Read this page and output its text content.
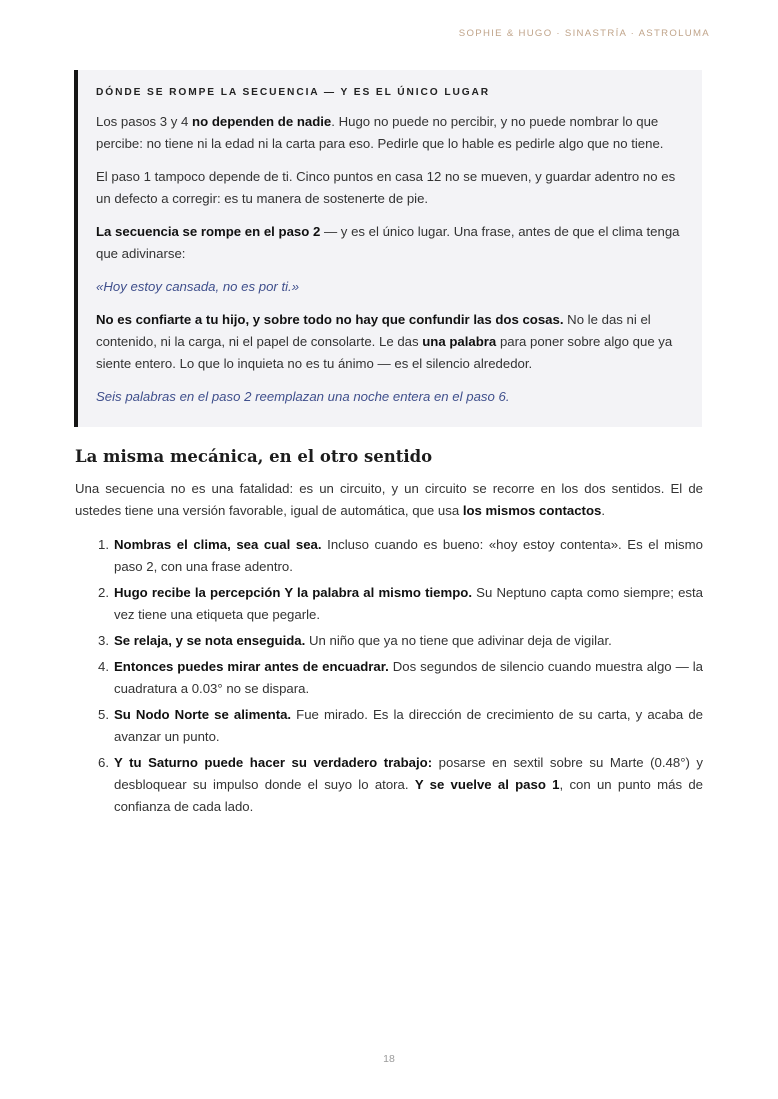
SOPHIE & HUGO · SINASTRÍA · ASTROLUMA
DÓNDE SE ROMPE LA SECUENCIA — Y ES EL ÚNICO LUGAR

Los pasos 3 y 4 no dependen de nadie. Hugo no puede no percibir, y no puede nombrar lo que percibe: no tiene ni la edad ni la carta para eso. Pedirle que lo hable es pedirle algo que no tiene.

El paso 1 tampoco depende de ti. Cinco puntos en casa 12 no se mueven, y guardar adentro no es un defecto a corregir: es tu manera de sostenerte de pie.

La secuencia se rompe en el paso 2 — y es el único lugar. Una frase, antes de que el clima tenga que adivinarse:

«Hoy estoy cansada, no es por ti.»

No es confiarte a tu hijo, y sobre todo no hay que confundir las dos cosas. No le das ni el contenido, ni la carga, ni el papel de consolarte. Le das una palabra para poner sobre algo que ya siente entero. Lo que lo inquieta no es tu ánimo — es el silencio alrededor.

Seis palabras en el paso 2 reemplazan una noche entera en el paso 6.

La misma mecánica, en el otro sentido

Una secuencia no es una fatalidad: es un circuito, y un circuito se recorre en los dos sentidos. El de ustedes tiene una versión favorable, igual de automática, que usa los mismos contactos.

1. Nombras el clima, sea cual sea. Incluso cuando es bueno: «hoy estoy contenta». Es el mismo paso 2, con una frase adentro.
2. Hugo recibe la percepción Y la palabra al mismo tiempo. Su Neptuno capta como siempre; esta vez tiene una etiqueta que pegarle.
3. Se relaja, y se nota enseguida. Un niño que ya no tiene que adivinar deja de vigilar.
4. Entonces puedes mirar antes de encuadrar. Dos segundos de silencio cuando muestra algo — la cuadratura a 0.03° no se dispara.
5. Su Nodo Norte se alimenta. Fue mirado. Es la dirección de crecimiento de su carta, y acaba de avanzar un punto.
6. Y tu Saturno puede hacer su verdadero trabajo: posarse en sextil sobre su Marte (0.48°) y desbloquear su impulso donde el suyo lo atora. Y se vuelve al paso 1, con un punto más de confianza de cada lado.
18
